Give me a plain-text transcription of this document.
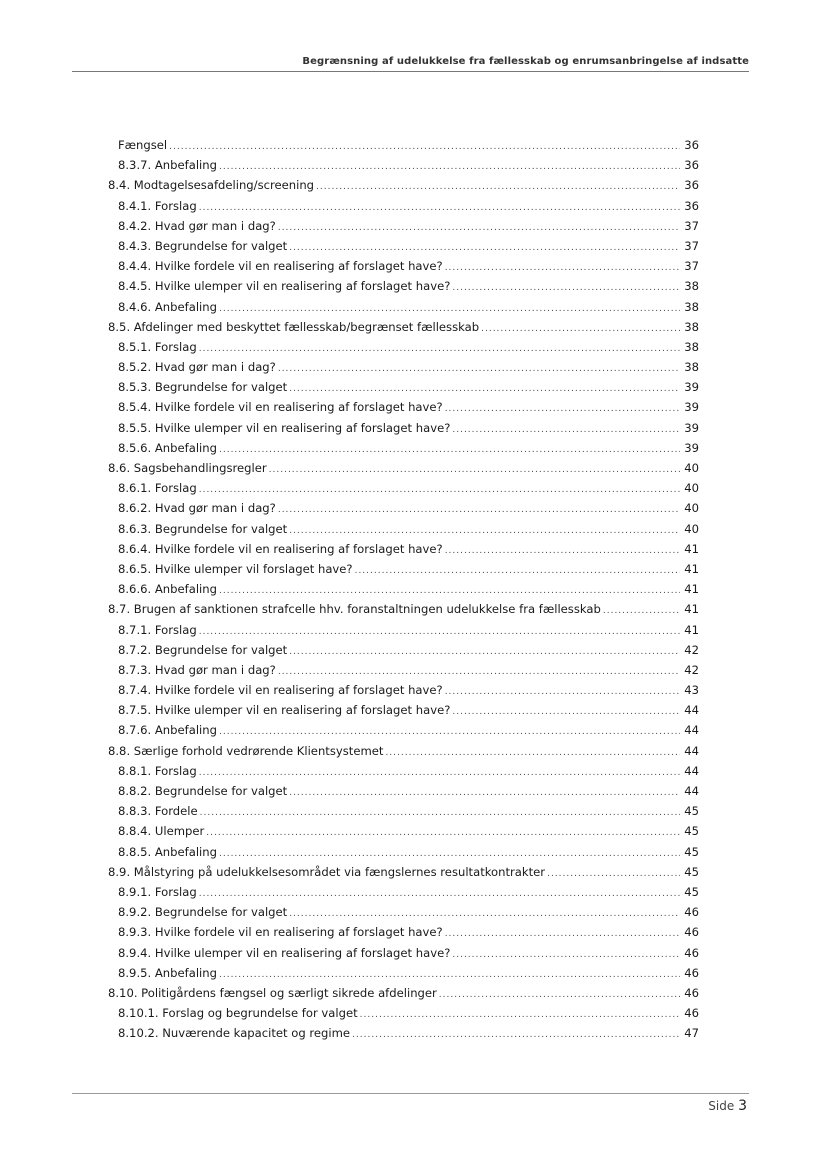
Begrænsning af udelukkelse fra fællesskab og enrumsanbringelse af indsatte
Fængsel .....	36
8.3.7. Anbefaling .....	36
8.4. Modtagelsesafdeling/screening .....	36
8.4.1. Forslag .....	36
8.4.2. Hvad gør man i dag? .....	37
8.4.3. Begrundelse for valget .....	37
8.4.4. Hvilke fordele vil en realisering af forslaget have? .....	37
8.4.5. Hvilke ulemper vil en realisering af forslaget have? .....	38
8.4.6. Anbefaling .....	38
8.5. Afdelinger med beskyttet fællesskab/begrænset fællesskab .....	38
8.5.1. Forslag .....	38
8.5.2. Hvad gør man i dag? .....	38
8.5.3. Begrundelse for valget .....	39
8.5.4. Hvilke fordele vil en realisering af forslaget have? .....	39
8.5.5. Hvilke ulemper vil en realisering af forslaget have? .....	39
8.5.6. Anbefaling .....	39
8.6. Sagsbehandlingsregler .....	40
8.6.1. Forslag .....	40
8.6.2. Hvad gør man i dag? .....	40
8.6.3. Begrundelse for valget .....	40
8.6.4. Hvilke fordele vil en realisering af forslaget have? .....	41
8.6.5. Hvilke ulemper vil forslaget have? .....	41
8.6.6. Anbefaling .....	41
8.7. Brugen af sanktionen strafcelle hhv. foranstaltningen udelukkelse fra fællesskab .....	41
8.7.1. Forslag .....	41
8.7.2. Begrundelse for valget .....	42
8.7.3. Hvad gør man i dag? .....	42
8.7.4. Hvilke fordele vil en realisering af forslaget have? .....	43
8.7.5. Hvilke ulemper vil en realisering af forslaget have? .....	44
8.7.6. Anbefaling .....	44
8.8. Særlige forhold vedrørende Klientsystemet .....	44
8.8.1. Forslag .....	44
8.8.2. Begrundelse for valget .....	44
8.8.3. Fordele .....	45
8.8.4. Ulemper .....	45
8.8.5. Anbefaling .....	45
8.9. Målstyring på udelukkelsesområdet via fængslernes resultatkontrakter .....	45
8.9.1. Forslag .....	45
8.9.2. Begrundelse for valget .....	46
8.9.3. Hvilke fordele vil en realisering af forslaget have? .....	46
8.9.4. Hvilke ulemper vil en realisering af forslaget have? .....	46
8.9.5. Anbefaling .....	46
8.10. Politigårdens fængsel og særligt sikrede afdelinger .....	46
8.10.1. Forslag og begrundelse for valget .....	46
8.10.2. Nuværende kapacitet og regime .....	47
Side 3
